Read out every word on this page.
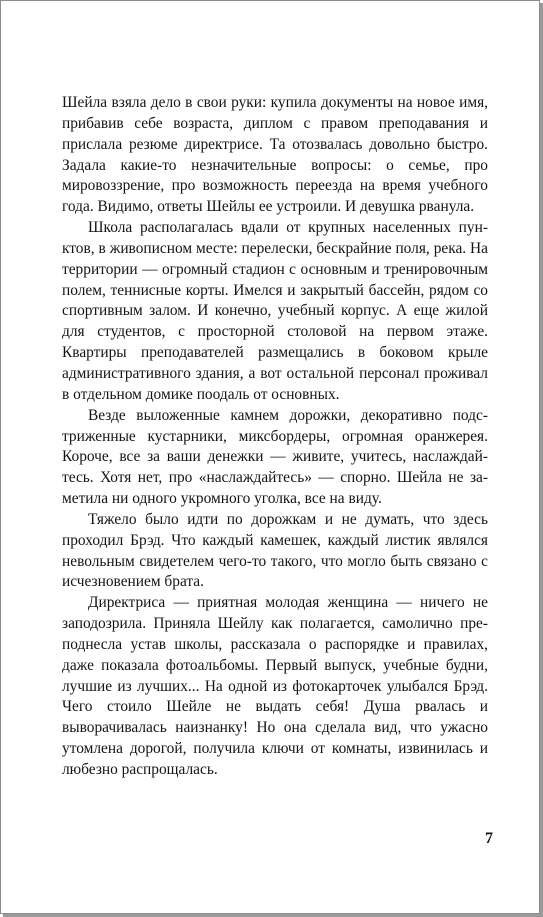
Шейла взяла дело в свои руки: купила документы на новое имя, прибавив себе возраста, диплом с правом преподавания и прислала резюме директрисе. Та отозвалась довольно быстро. Задала какие-то незначительные вопросы: о семье, про мировоззрение, про возможность переезда на время учебного года. Видимо, ответы Шейлы ее устроили. И девушка рванула.

Школа располагалась вдали от крупных населенных пунктов, в живописном месте: перелески, бескрайние поля, река. На территории — огромный стадион с основным и тренировочным полем, теннисные корты. Имелся и закрытый бассейн, рядом со спортивным залом. И конечно, учебный корпус. А еще жилой для студентов, с просторной столовой на первом этаже. Квартиры преподавателей размещались в боковом крыле административного здания, а вот остальной персонал проживал в отдельном домике поодаль от основных.

Везде выложенные камнем дорожки, декоративно подстриженные кустарники, миксбордеры, огромная оранжерея. Короче, все за ваши денежки — живите, учитесь, наслаждайтесь. Хотя нет, про «наслаждайтесь» — спорно. Шейла не заметила ни одного укромного уголка, все на виду.

Тяжело было идти по дорожкам и не думать, что здесь проходил Брэд. Что каждый камешек, каждый листик являлся невольным свидетелем чего-то такого, что могло быть связано с исчезновением брата.

Директриса — приятная молодая женщина — ничего не заподозрила. Приняла Шейлу как полагается, самолично преподнесла устав школы, рассказала о распорядке и правилах, даже показала фотоальбомы. Первый выпуск, учебные будни, лучшие из лучших... На одной из фотокарточек улыбался Брэд. Чего стоило Шейле не выдать себя! Душа рвалась и выворачивалась наизнанку! Но она сделала вид, что ужасно утомлена дорогой, получила ключи от комнаты, извинилась и любезно распрощалась.

7
